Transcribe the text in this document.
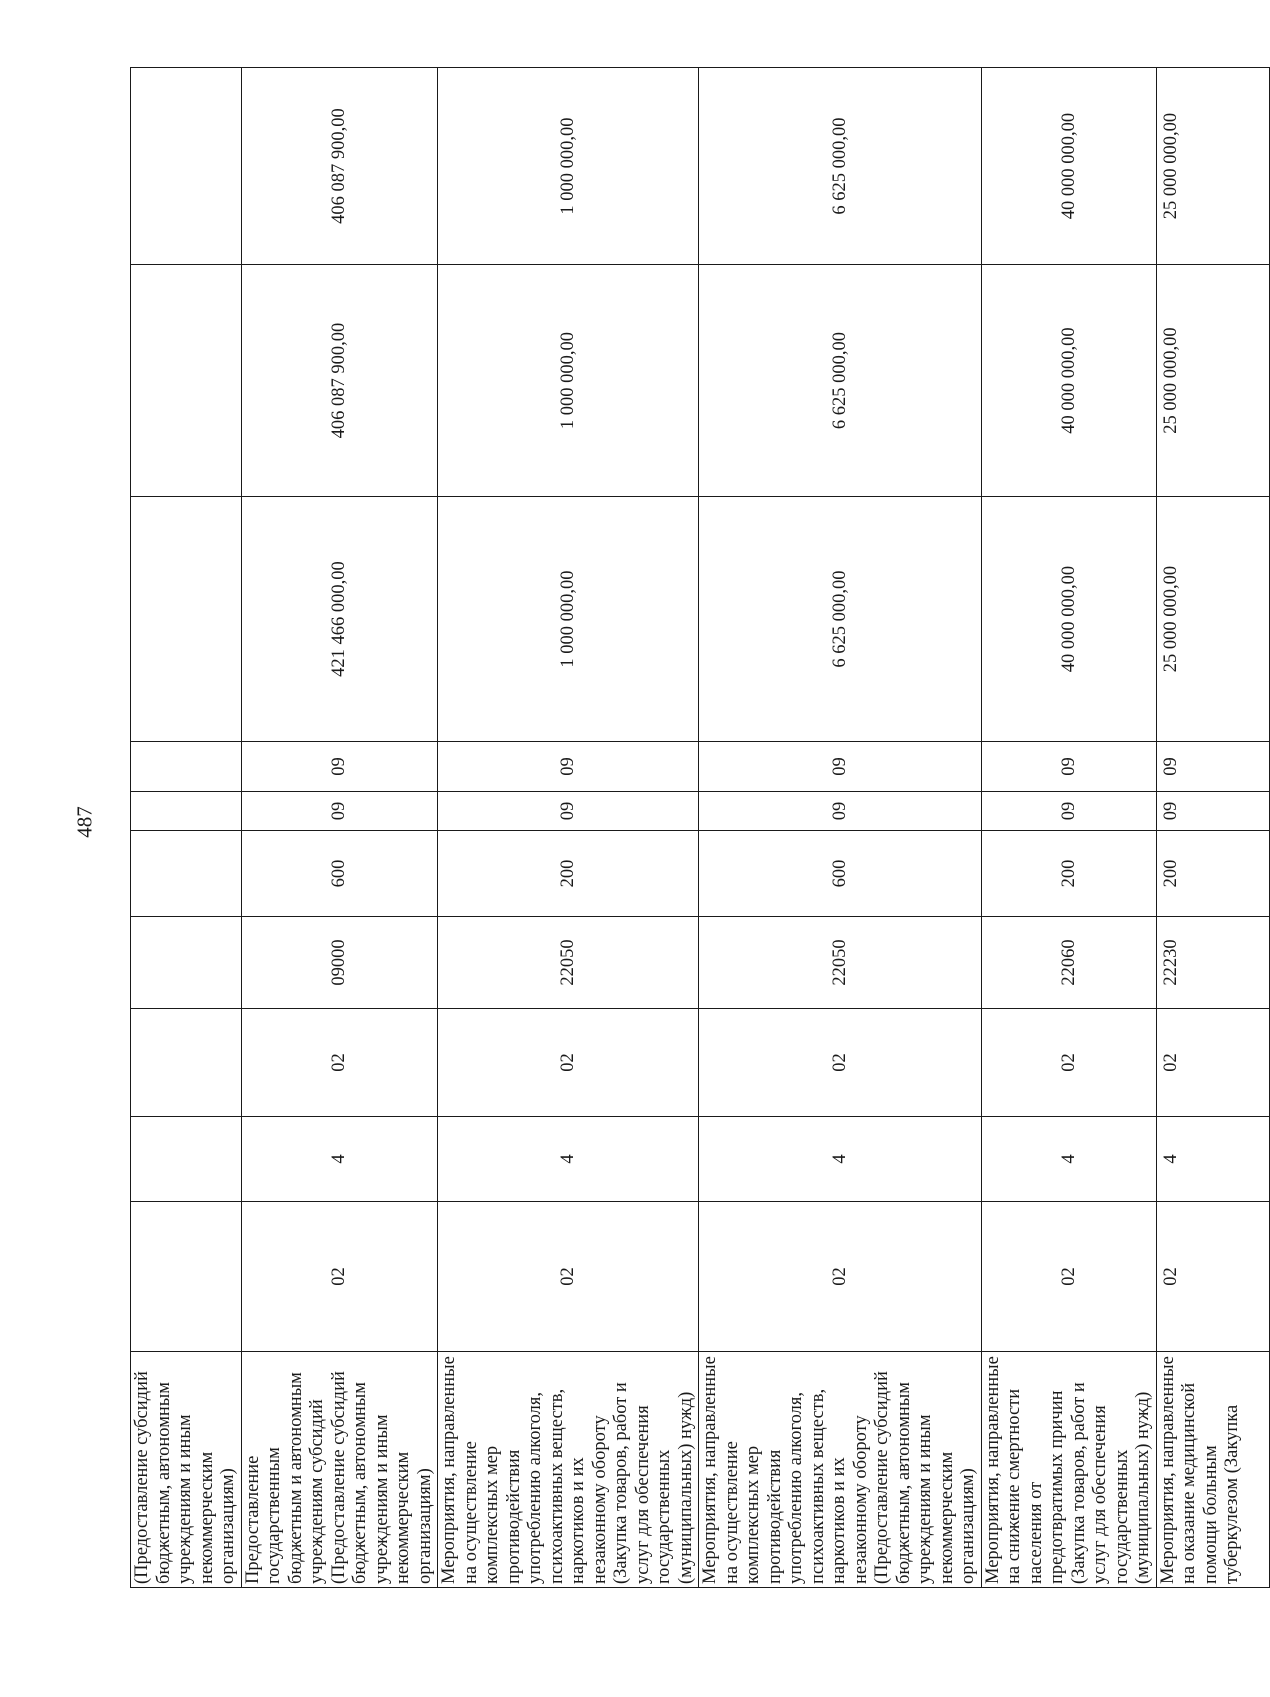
487
(Предоставление субсидий бюджетным, автономным учреждениям и иным некоммерческим организациям)										
Предоставление государственным бюджетным и автономным учреждениям субсидий (Предоставление субсидий бюджетным, автономным учреждениям и иным некоммерческим организациям)	02	4	02	09000	600	09	09	421 466 000,00	406 087 900,00	406 087 900,00
Мероприятия, направленные на осуществление комплексных мер противодействия употреблению алкоголя, психоактивных веществ, наркотиков и их незаконному обороту (Закупка товаров, работ и услуг для обеспечения государственных (муниципальных) нужд)	02	4	02	22050	200	09	09	1 000 000,00	1 000 000,00	1 000 000,00
Мероприятия, направленные на осуществление комплексных мер противодействия употреблению алкоголя, психоактивных веществ, наркотиков и их незаконному обороту (Предоставление субсидий бюджетным, автономным учреждениям и иным некоммерческим организациям)	02	4	02	22050	600	09	09	6 625 000,00	6 625 000,00	6 625 000,00
Мероприятия, направленные на снижение смертности населения от предотвратимых причин (Закупка товаров, работ и услуг для обеспечения государственных (муниципальных) нужд)	02	4	02	22060	200	09	09	40 000 000,00	40 000 000,00	40 000 000,00
Мероприятия, направленные на оказание медицинской помощи больным туберкулезом (Закупка	02	4	02	22230	200	09	09	25 000 000,00	25 000 000,00	25 000 000,00
